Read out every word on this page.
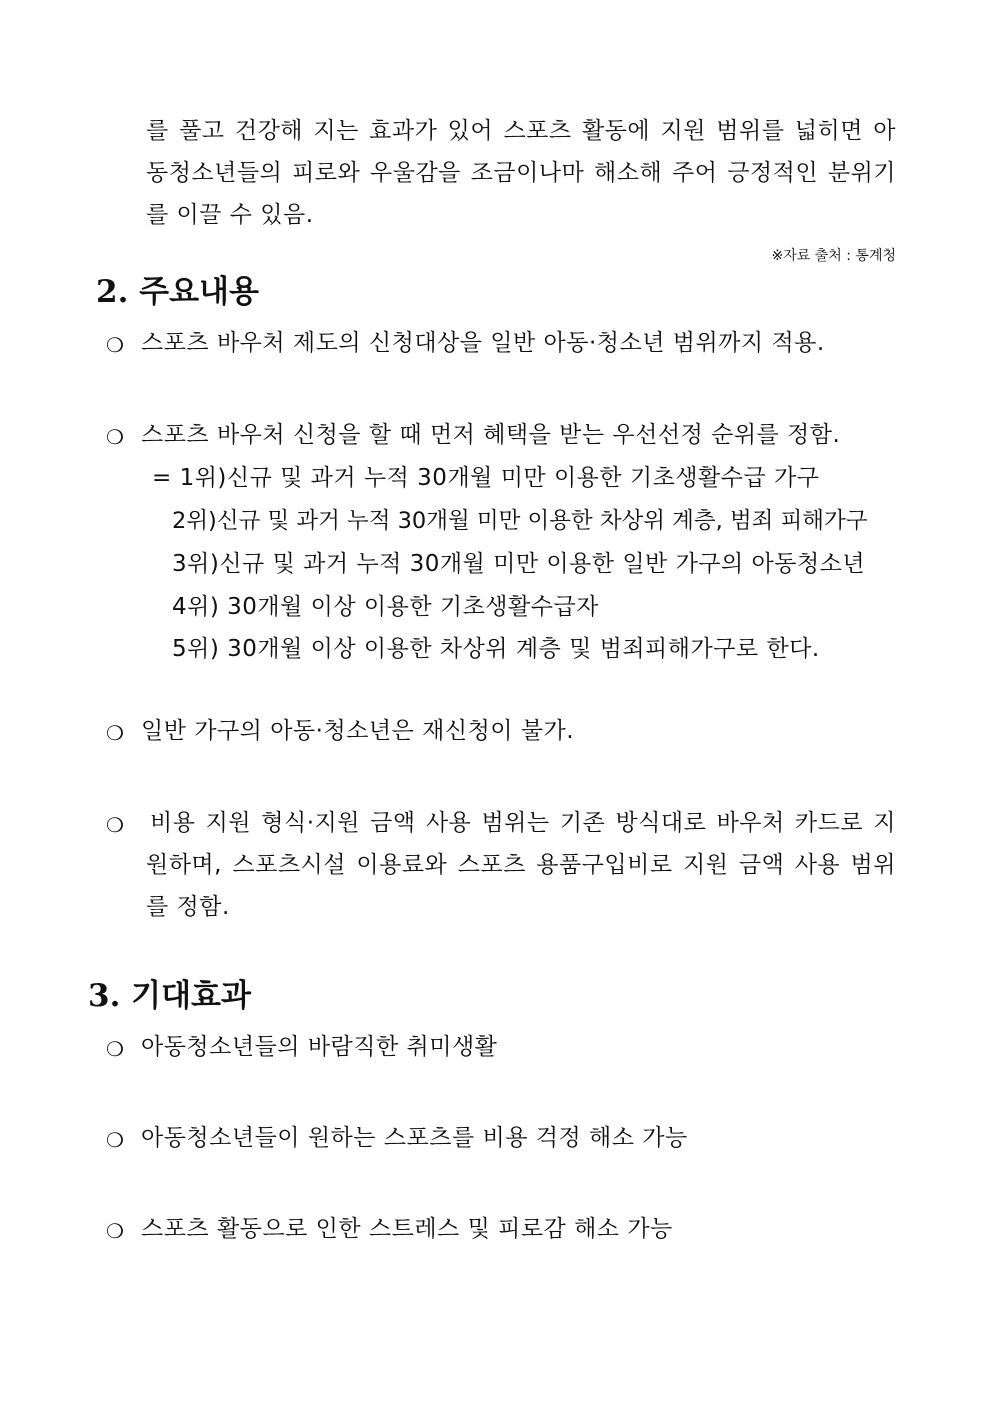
를 풀고 건강해 지는 효과가 있어 스포츠 활동에 지원 범위를 넓히면 아
동청소년들의 피로와 우울감을 조금이나마 해소해 주어 긍정적인 분위기
를 이끌 수 있음.
※자료 출처 : 통계청
2. 주요내용
❍ 스포츠 바우처 제도의 신청대상을 일반 아동·청소년 범위까지 적용.
❍ 스포츠 바우처 신청을 할 때 먼저 혜택을 받는 우선선정 순위를 정함.
= 1위)신규 및 과거 누적 30개월 미만 이용한 기초생활수급 가구
2위)신규 및 과거 누적 30개월 미만 이용한 차상위 계층, 범죄 피해가구
3위)신규 및 과거 누적 30개월 미만 이용한 일반 가구의 아동청소년
4위) 30개월 이상 이용한 기초생활수급자
5위) 30개월 이상 이용한 차상위 계층 및 범죄피해가구로 한다.
❍ 일반 가구의 아동·청소년은 재신청이 불가.
❍ 비용 지원 형식·지원 금액 사용 범위는 기존 방식대로 바우처 카드로 지
원하며, 스포츠시설 이용료와 스포츠 용품구입비로 지원 금액 사용 범위
를 정함.
3. 기대효과
❍ 아동청소년들의 바람직한 취미생활
❍ 아동청소년들이 원하는 스포츠를 비용 걱정 해소 가능
❍ 스포츠 활동으로 인한 스트레스 및 피로감 해소 가능
